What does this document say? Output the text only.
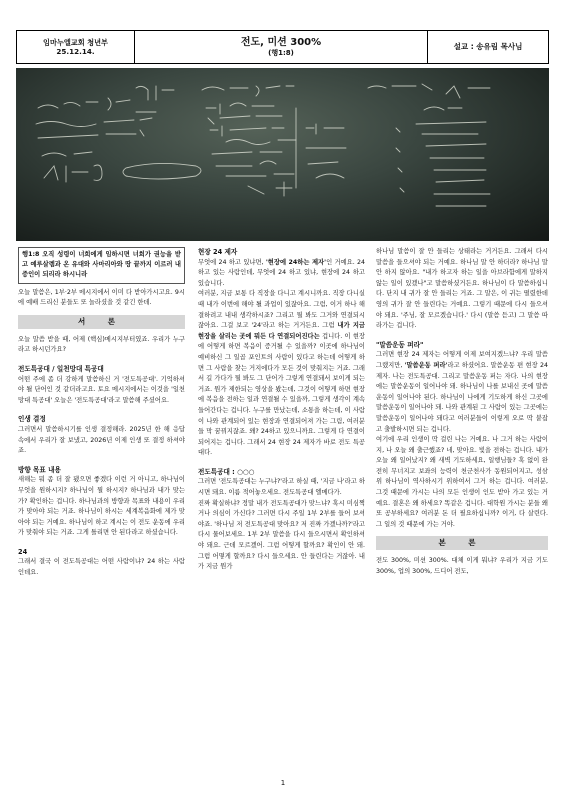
임마누엘교회 청년부
25.12.14.
전도, 미션 300%
(행1:8)
설교 : 송유림 목사님
행1:8 오직 성령이 너희에게 임하시면 너희가 권능을 받고 예루살렘과 온 유대와 사마리아와 땅 끝까지 이르러 내 증인이 되리라 하시니라

오늘 말씀은, 1부·2부 메시지에서 이미 다 받아가시고요. 9시에 예배 드리신 분들도 또 놀라셨을 것 같긴 한데.

서 론

오늘 말씀 받을 때, 어제 (핵심)메시지부터였죠. 우리가 누구라고 하시던가요?

전도특공대 / 일천망대 특공대

어떤 주에 좀 더 강하게 말씀하신 거 '전도특공대'. 기억하셔야 될 단어인 것 같더라고요. 토요 메시지에서는 이것을 '일천망대 특공대' 오늘은 '전도특공대'라고 말씀해 주셨어요.

인생 결정

그러면서 말씀하시기를 인생 결정해라. 2025년 한 해 응답 속에서 우리가 잘 보냈고, 2026년 이제 인생 또 결정 하셔야죠.

방향 목표 내용

새해는 뭐 좀 더 잘 됐으면 좋겠다 이런 거 아니고, 하나님이 무엇을 원하시지? 하나님이 뭘 하시지? 하나님과 내가 맞는가? 확인하는 겁니다. 하나님과의 방향과 목표와 내용이 우리가 맞아야 되는 거죠. 하나님이 하시는 세계복음화에 제가 맞아야 되는 거예요. 하나님이 하고 계시는 이 전도 운동에 우리가 맞춰야 되는 거죠. 그게 틀리면 안 된다라고 하셨습니다.

24

그래서 결국 이 전도특공대는 어떤 사람이냐? 24 하는 사람인데요.

현장 24 제자

무엇에 24 하고 있냐면, '현장에 24하는 제자'인 거예요. 24 하고 있는 사람인데, 무엇에 24 하고 있냐, 현장에 24 하고 있습니다.

여러분, 지금 보통 다 직장을 다니고 계시니까요. 직장 다니실 때 내가 이번에 해야 될 과업이 있잖아요. 그럼, 이거 하나 해결하려고 내내 생각하시죠? 그리고 뭘 봐도 그거와 연결되시잖아요. 그걸 보고 '24'라고 하는 거거든요. 그럼 내가 지금 현장을 살리는 곳에 뭐든 다 연결되어진다는 겁니다. 이 현장에 어떻게 하면 복음이 증거될 수 있을까? 이곳에 하나님이 예비하신 그 일곱 포인트의 사람이 있다고 하는데 어떻게 하면 그 사람을 찾는 거지에다가 모든 것이 맞춰지는 거죠. 그래서 길 가다가 뭘 봐도 그 단어가 그렇게 연결돼서 보이게 되는 거죠. 뭔가 제한되는 영상을 봤는데, 그것이 어떻게 하면 현장에 복음을 전하는 일과 연결될 수 있을까, 그렇게 생각이 계속 들어간다는 겁니다. 누구를 만났는데, 소통을 하는데, 이 사람이 나와 관계되어 있는 현장과 연결되어져 가는 그림, 여러분들 막 꿈꿔지잖죠. 왜? 24하고 있으니까요. 그렇게 다 연결이 되어지는 겁니다. 그래서 24 현장 24 제자가 바로 전도 특공대다.

전도특공대 : ○○○

그러면 '전도특공대는 누구냐?'라고 하실 때, '지금 나'라고 하시면 돼요. 이름 적어놓으세요. 전도특공대 엘메다가.

진짜 확실하냐? 정말 내가 전도특공대가 맞느냐? 혹시 미심쩍거나 의심이 가신다? 그러면 다시 주일 1부 2부를 들어 보셔야죠. '하나님 저 전도특공대 맞아요? 저 진짜 가겠나까?'라고 다시 물어보세요. 1부 2부 말씀을 다시 들으시면서 확인하셔야 돼요. 근데 모르겠어. 그럼 어떻게 할까요? 확인이 안 돼. 그럼 어떻게 할까요? 다시 들으세요. 안 들린다는 거잖아. 내가 지금 뭔가

하나님 말씀이 잘 안 들리는 상태라는 거거든요. 그래서 다시 말씀을 들으셔야 되는 거예요. 하나님 말 안 하더라? 하나님 말 안 하지 않아요. "내가 하고자 하는 일을 아브라함에게 말하지 않는 일이 있겠나"고 말씀하셨거든요. 하나님이 다 말씀하십니다. 단지 내 귀가 잘 안 들리는 거죠. 그 말은, 이 귀는 떨렸한데 영의 귀가 잘 안 들린다는 거예요. 그렇기 때문에 다시 들으셔야 돼요. '주님, 잘 모르겠습니다.' 다시 (말씀 듣고) 그 말씀 따라가는 겁니다.

"말씀운동 퍼라"

그러면 현장 24 제자는 어떻게 이제 보여지겠느냐? 우리 말씀 그랬지만, '말씀운동 퍼라'라고 하셨어요. 말씀운동 편 현장 24 제자. 나는 전도특공대. 그리고 말씀운동 퍼는 자다. 나의 현장에는 말씀운동이 일어나야 돼. 하나님이 나를 보내신 곳에 말씀운동이 일어나야 된다. 하나님이 나에게 기도하게 하신 그곳에 말씀운동이 일어나야 돼. 나와 관계된 그 사람이 있는 그곳에는 말씀운동이 일어나야 돼다고 여러분들이 이렇게 오로 딱 붙잡고 출발하시면 되는 겁니다.

여기에 우리 인생이 딱 걸린 나는 거예요. 나 그거 하는 사람이지, 나 오늘 왜 출근했죠? 네, 맞아요. 빛을 전하는 겁니다. 내가 오늘 왜 일어났지? 왜 새벽 기도하세요, 일행님들? 혹 없이 완전히 무너지고 보좌의 능력이 천군천사가 동원되어지고, 성삼위 하나님이 역사하시기 위하여서 그거 하는 겁니다. 여러분, 그것 때문에 가시는 나의 모든 인생이 인도 받아 가고 있는 거예요. 결혼은 왜 하세요? 똑같은 겁니다. 대학원 가시는 분들 왜 또 공부하세요? 여러분 돈 더 필요하십니까? 이거, 다 살린다. 그 일의 것 때문에 가는 거야.

본 론

전도 300%, 미션 300%. 대체 이게 뭐냐? 우리가 지금 기도 300%, 업의 300%, 드디어 전도,

1
